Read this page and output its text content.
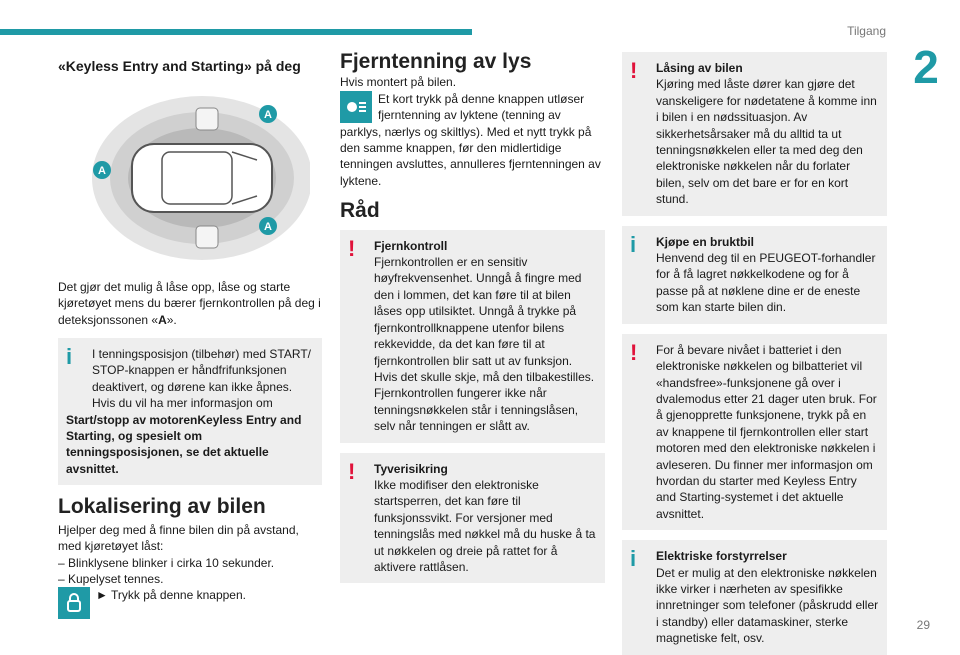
Tilgang
2
29
«Keyless Entry and Starting» på deg
A
A
A

Det gjør det mulig å låse opp, låse og starte kjøretøyet mens du bærer fjernkontrollen på deg i deteksjonssonen «A».

i	I tenningsposisjon (tilbehør) med START/ STOP-knappen er håndfrifunksjonen deaktivert, og dørene kan ikke åpnes. Hvis du vil ha mer informasjon om
Start/stopp av motorenKeyless Entry and Starting, og spesielt om tenningsposisjonen, se det aktuelle avsnittet.
Lokalisering av bilen

Hjelper deg med å finne bilen din på avstand, med kjøretøyet låst:

– Blinklysene blinker i cirka 10 sekunder.
– Kupelyset tennes.
► Trykk på denne knappen.
Fjerntenning av lys

Hvis montert på bilen.

Et kort trykk på denne knappen utløser fjerntenning av lyktene (tenning av

parklys, nærlys og skiltlys). Med et nytt trykk på den samme knappen, før den midlertidige tenningen avsluttes, annulleres fjerntenningen av lyktene.

Råd
!	Fjernkontroll
Fjernkontrollen er en sensitiv høyfrekvensenhet. Unngå å fingre med den i lommen, det kan føre til at bilen låses opp utilsiktet. Unngå å trykke på fjernkontrollknappene utenfor bilens rekkevidde, da det kan føre til at fjernkontrollen blir satt ut av funksjon. Hvis det skulle skje, må den tilbakestilles. Fjernkontrollen fungerer ikke når tenningsnøkkelen står i tenningslåsen, selv når tenningen er slått av.
!	Tyverisikring
Ikke modifiser den elektroniske startsperren, det kan føre til funksjonssvikt. For versjoner med tenningslås med nøkkel må du huske å ta ut nøkkelen og dreie på rattet for å aktivere rattlåsen.
!	Låsing av bilen
Kjøring med låste dører kan gjøre det vanskeligere for nødetatene å komme inn i bilen i en nødssituasjon. Av sikkerhetsårsaker må du alltid ta ut tenningsnøkkelen eller ta med deg den elektroniske nøkkelen når du forlater bilen, selv om det bare er for en kort stund.
i	Kjøpe en bruktbil
Henvend deg til en PEUGEOT-forhandler for å få lagret nøkkelkodene og for å passe på at nøklene dine er de eneste som kan starte bilen din.
!	For å bevare nivået i batteriet i den elektroniske nøkkelen og bilbatteriet vil «handsfree»-funksjonene gå over i dvalemodus etter 21 dager uten bruk. For å gjenopprette funksjonene, trykk på en av knappene til fjernkontrollen eller start motoren med den elektroniske nøkkelen i avleseren. Du finner mer informasjon om hvordan du starter med Keyless Entry and Starting-systemet i det aktuelle avsnittet.
i	Elektriske forstyrrelser
Det er mulig at den elektroniske nøkkelen ikke virker i nærheten av spesifikke innretninger som telefoner (påskrudd eller i standby) eller datamaskiner, sterke magnetiske felt, osv.
